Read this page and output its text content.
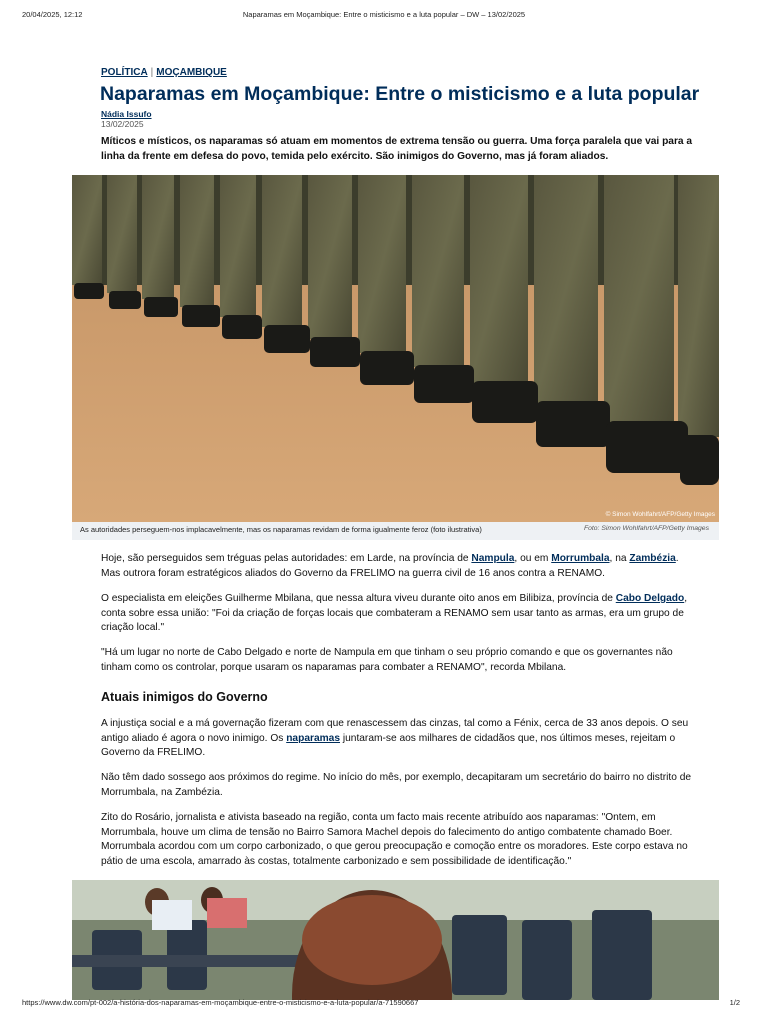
20/04/2025, 12:12	Naparamas em Moçambique: Entre o misticismo e a luta popular – DW – 13/02/2025
POLÍTICA | MOÇAMBIQUE
Naparamas em Moçambique: Entre o misticismo e a luta popular
Nádia Issufo
13/02/2025
Míticos e místicos, os naparamas só atuam em momentos de extrema tensão ou guerra. Uma força paralela que vai para a linha da frente em defesa do povo, temida pelo exército. São inimigos do Governo, mas já foram aliados.
© Simon Wohlfahrt/AFP/Getty Images
As autoridades perseguem-nos implacavelmente, mas os naparamas revidam de forma igualmente feroz (foto ilustrativa)	Foto: Simon Wohlfahrt/AFP/Getty Images
Hoje, são perseguidos sem tréguas pelas autoridades: em Larde, na província de Nampula, ou em Morrumbala, na Zambézia. Mas outrora foram estratégicos aliados do Governo da FRELIMO na guerra civil de 16 anos contra a RENAMO.
O especialista em eleições Guilherme Mbilana, que nessa altura viveu durante oito anos em Bilibiza, província de Cabo Delgado, conta sobre essa união: "Foi da criação de forças locais que combateram a RENAMO sem usar tanto as armas, era um grupo de criação local."
"Há um lugar no norte de Cabo Delgado e norte de Nampula em que tinham o seu próprio comando e que os governantes não tinham como os controlar, porque usaram os naparamas para combater a RENAMO", recorda Mbilana.
Atuais inimigos do Governo
A injustiça social e a má governação fizeram com que renascessem das cinzas, tal como a Fénix, cerca de 33 anos depois. O seu antigo aliado é agora o novo inimigo. Os naparamas juntaram-se aos milhares de cidadãos que, nos últimos meses, rejeitam o Governo da FRELIMO.
Não têm dado sossego aos próximos do regime. No início do mês, por exemplo, decapitaram um secretário do bairro no distrito de Morrumbala, na Zambézia.
Zito do Rosário, jornalista e ativista baseado na região, conta um facto mais recente atribuído aos naparamas: "Ontem, em Morrumbala, houve um clima de tensão no Bairro Samora Machel depois do falecimento do antigo combatente chamado Boer. Morrumbala acordou com um corpo carbonizado, o que gerou preocupação e comoção entre os moradores. Este corpo estava no pátio de uma escola, amarrado às costas, totalmente carbonizado e sem possibilidade de identificação."
https://www.dw.com/pt-002/a-história-dos-naparamas-em-moçambique-entre-o-misticismo-e-a-luta-popular/a-71590667	1/2
